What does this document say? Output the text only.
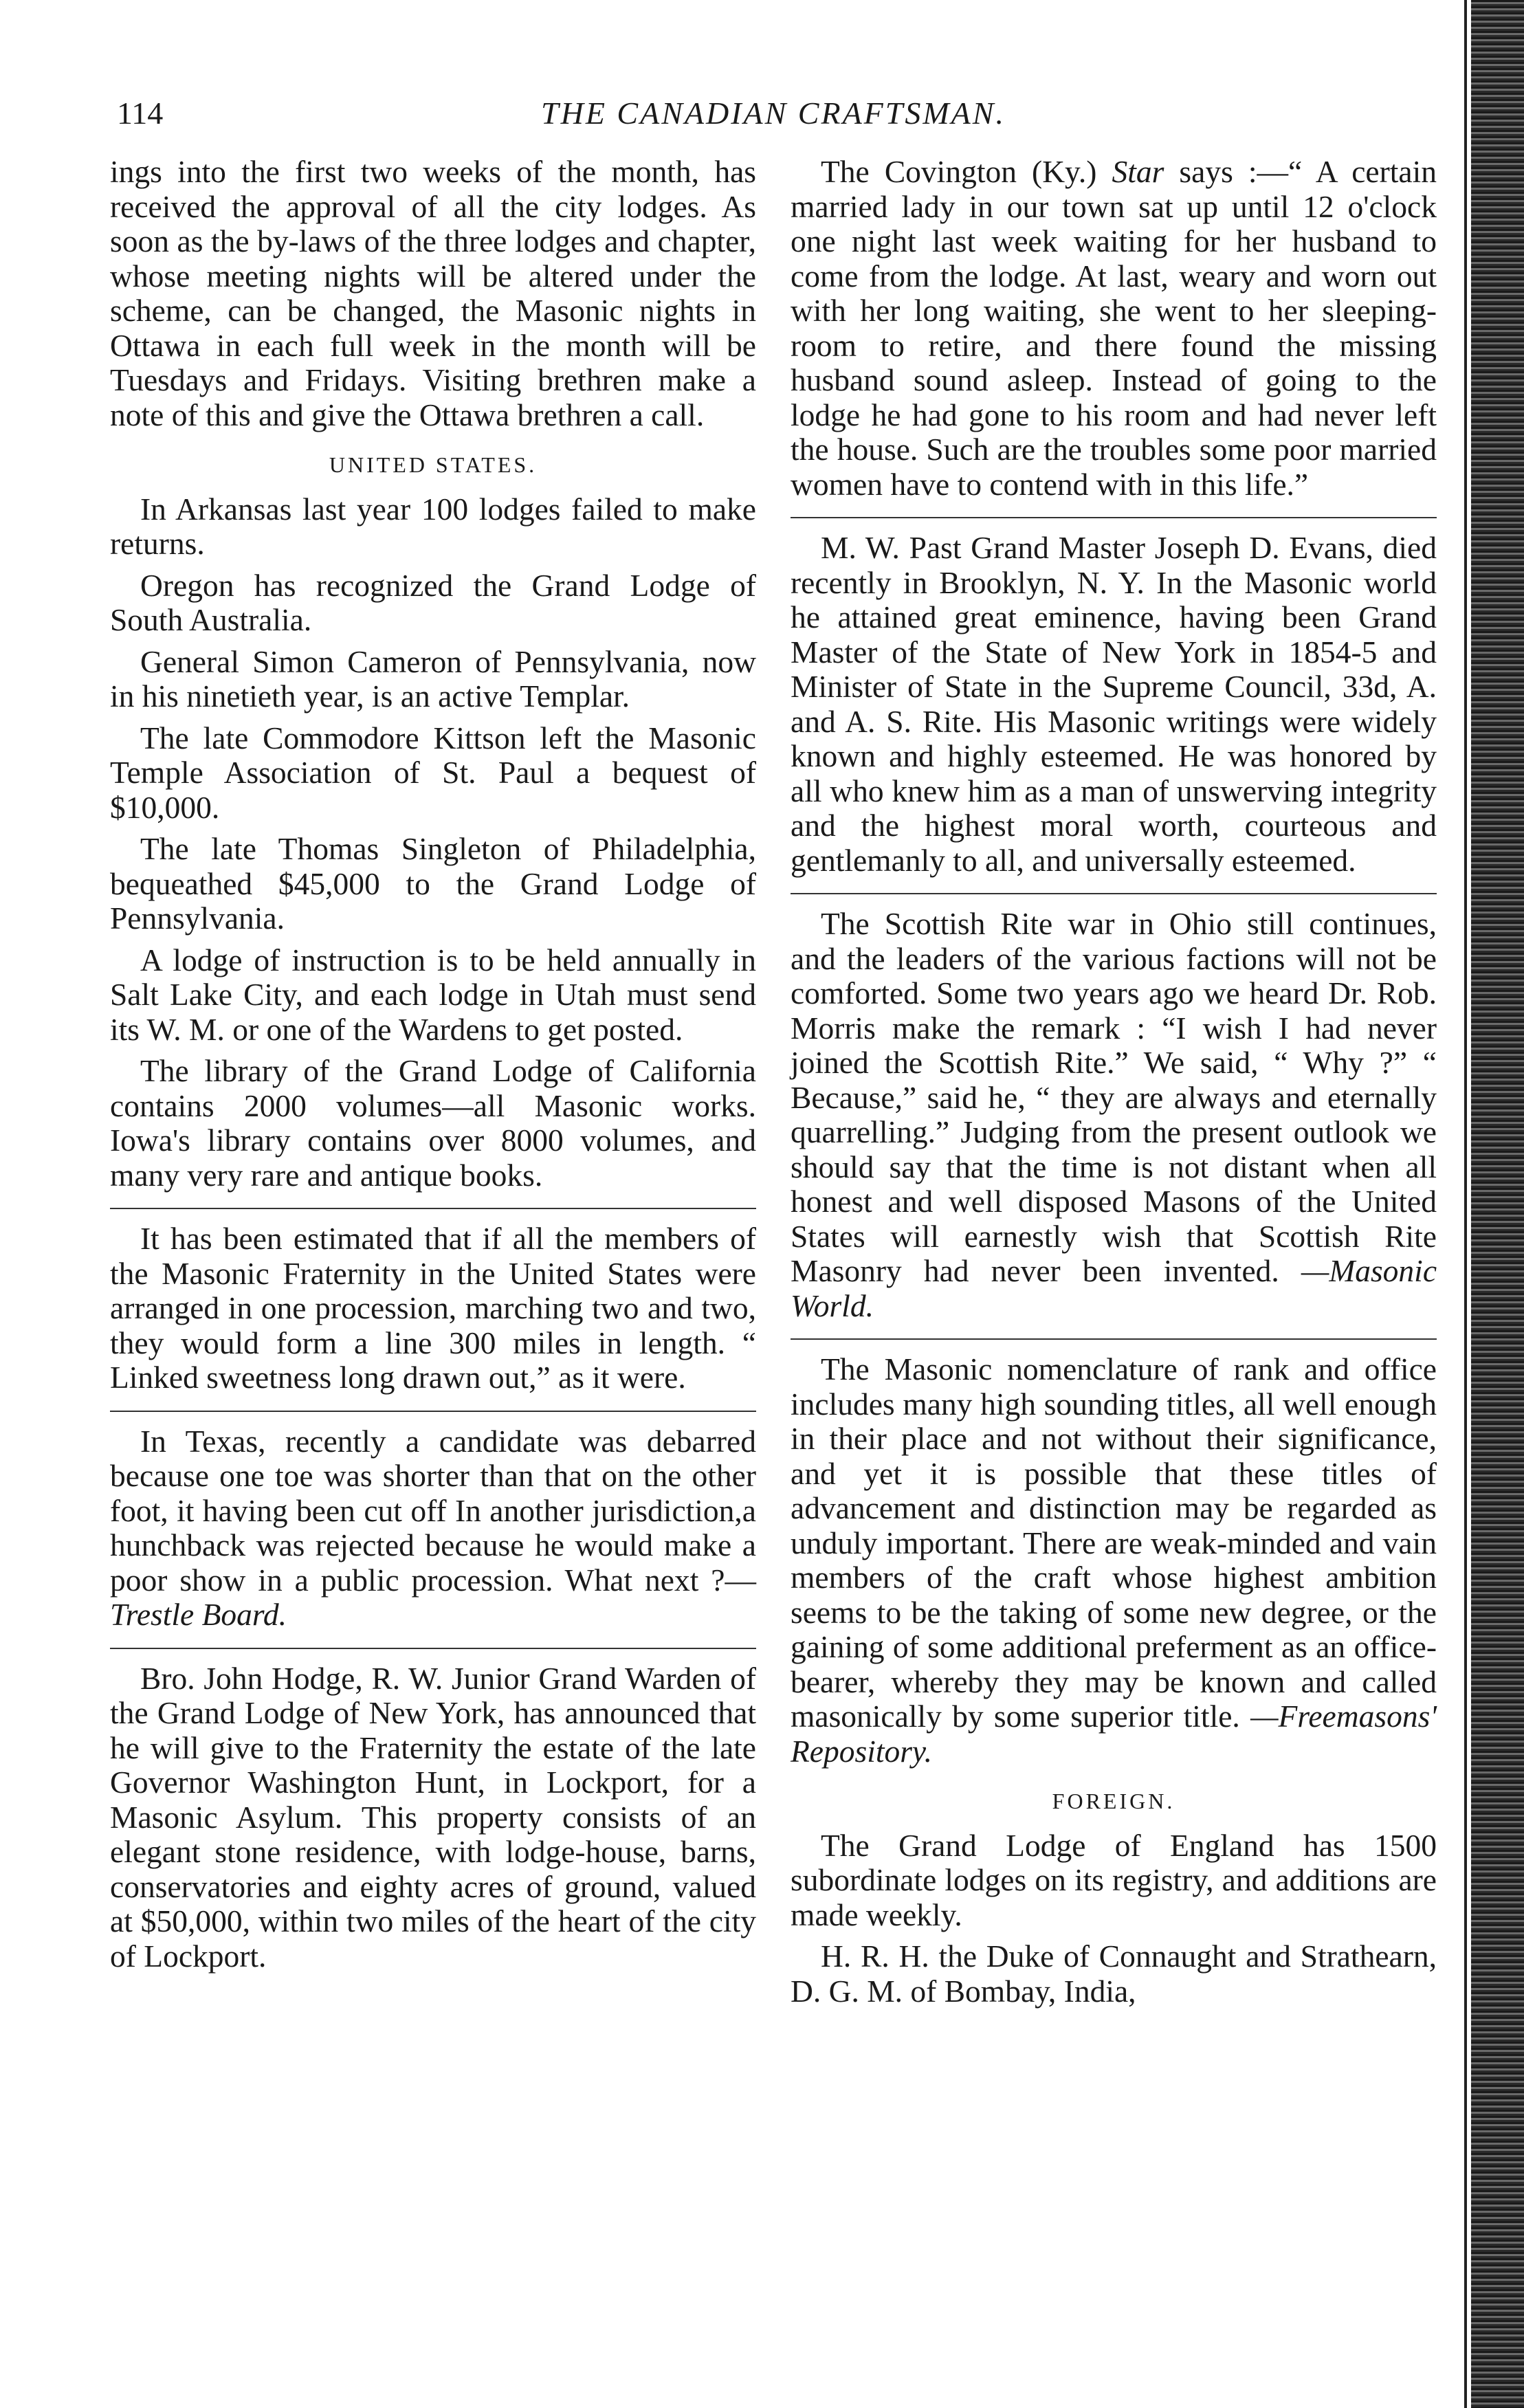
114	THE CANADIAN CRAFTSMAN.

ings into the first two weeks of the month, has received the approval of all the city lodges. As soon as the by-laws of the three lodges and chapter, whose meeting nights will be altered under the scheme, can be changed, the Masonic nights in Ottawa in each full week in the month will be Tuesdays and Fridays. Visiting brethren make a note of this and give the Ottawa brethren a call.

UNITED STATES.

In Arkansas last year 100 lodges failed to make returns.

Oregon has recognized the Grand Lodge of South Australia.

General Simon Cameron of Pennsylvania, now in his ninetieth year, is an active Templar.

The late Commodore Kittson left the Masonic Temple Association of St. Paul a bequest of $10,000.

The late Thomas Singleton of Philadelphia, bequeathed $45,000 to the Grand Lodge of Pennsylvania.

A lodge of instruction is to be held annually in Salt Lake City, and each lodge in Utah must send its W. M. or one of the Wardens to get posted.

The library of the Grand Lodge of California contains 2000 volumes—all Masonic works. Iowa's library contains over 8000 volumes, and many very rare and antique books.

It has been estimated that if all the members of the Masonic Fraternity in the United States were arranged in one procession, marching two and two, they would form a line 300 miles in length. “ Linked sweetness long drawn out,” as it were.

In Texas, recently a candidate was debarred because one toe was shorter than that on the other foot, it having been cut off In another jurisdiction,a hunchback was rejected because he would make a poor show in a public procession. What next ?—Trestle Board.

Bro. John Hodge, R. W. Junior Grand Warden of the Grand Lodge of New York, has announced that he will give to the Fraternity the estate of the late Governor Washington Hunt, in Lockport, for a Masonic Asylum. This property consists of an elegant stone residence, with lodge-house, barns, conservatories and eighty acres of ground, valued at $50,000, within two miles of the heart of the city of Lockport.

The Covington (Ky.) Star says :—“ A certain married lady in our town sat up until 12 o'clock one night last week waiting for her husband to come from the lodge. At last, weary and worn out with her long waiting, she went to her sleeping-room to retire, and there found the missing husband sound asleep. Instead of going to the lodge he had gone to his room and had never left the house. Such are the troubles some poor married women have to contend with in this life.”

M. W. Past Grand Master Joseph D. Evans, died recently in Brooklyn, N. Y. In the Masonic world he attained great eminence, having been Grand Master of the State of New York in 1854-5 and Minister of State in the Supreme Council, 33d, A. and A. S. Rite. His Masonic writings were widely known and highly esteemed. He was honored by all who knew him as a man of unswerving integrity and the highest moral worth, courteous and gentlemanly to all, and universally esteemed.

The Scottish Rite war in Ohio still continues, and the leaders of the various factions will not be comforted. Some two years ago we heard Dr. Rob. Morris make the remark : “I wish I had never joined the Scottish Rite.” We said, “ Why ?” “ Because,” said he, “ they are always and eternally quarrelling.” Judging from the present outlook we should say that the time is not distant when all honest and well disposed Masons of the United States will earnestly wish that Scottish Rite Masonry had never been invented. —Masonic World.

The Masonic nomenclature of rank and office includes many high sounding titles, all well enough in their place and not without their significance, and yet it is possible that these titles of advancement and distinction may be regarded as unduly important. There are weak-minded and vain members of the craft whose highest ambition seems to be the taking of some new degree, or the gaining of some additional preferment as an office-bearer, whereby they may be known and called masonically by some superior title. —Freemasons' Repository.

FOREIGN.

The Grand Lodge of England has 1500 subordinate lodges on its registry, and additions are made weekly.

H. R. H. the Duke of Connaught and Strathearn, D. G. M. of Bombay, India,
